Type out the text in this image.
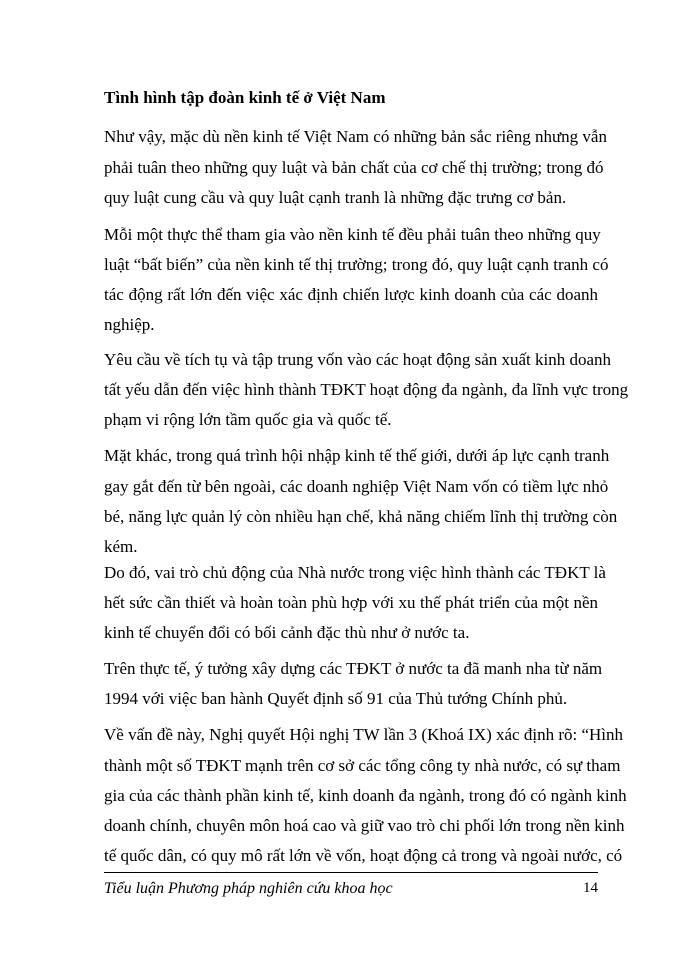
Tình hình tập đoàn kinh tế ở Việt Nam
Như vậy, mặc dù nền kinh tế Việt Nam có những bản sắc riêng nhưng vẫn
phải tuân theo những quy luật và bản chất của cơ chế thị trường; trong đó
quy luật cung cầu và quy luật cạnh tranh là những đặc trưng cơ bản.
Mỗi một thực thể tham gia vào nền kinh tế đều phải tuân theo những quy
luật “bất biến” của nền kinh tế thị trường; trong đó, quy luật cạnh tranh có
tác động rất lớn đến việc xác định chiến lược kinh doanh của các doanh
nghiệp.
Yêu cầu về tích tụ và tập trung vốn vào các hoạt động sản xuất kinh doanh
tất yếu dẫn đến việc hình thành TĐKT hoạt động đa ngành, đa lĩnh vực trong
phạm vi rộng lớn tầm quốc gia và quốc tế.
Mặt khác, trong quá trình hội nhập kinh tế thế giới, dưới áp lực cạnh tranh
gay gắt đến từ bên ngoài, các doanh nghiệp Việt Nam vốn có tiềm lực nhỏ
bé, năng lực quản lý còn nhiều hạn chế, khả năng chiếm lĩnh thị trường còn
kém.
Do đó, vai trò chủ động của Nhà nước trong việc hình thành các TĐKT là
hết sức cần thiết và hoàn toàn phù hợp với xu thế phát triển của một nền
kinh tế chuyển đổi có bối cảnh đặc thù như ở nước ta.
Trên thực tế, ý tưởng xây dựng các TĐKT ở nước ta đã manh nha từ năm
1994 với việc ban hành Quyết định số 91 của Thủ tướng Chính phủ.
Về vấn đề này, Nghị quyết Hội nghị TW lần 3 (Khoá IX) xác định rõ: “Hình
thành một số TĐKT mạnh trên cơ sở các tổng công ty nhà nước, có sự tham
gia của các thành phần kinh tế, kinh doanh đa ngành, trong đó có ngành kinh
doanh chính, chuyên môn hoá cao và giữ vao trò chi phối lớn trong nền kinh
tế quốc dân, có quy mô rất lớn về vốn, hoạt động cả trong và ngoài nước, có
Tiểu luận Phương pháp nghiên cứu khoa học	14
